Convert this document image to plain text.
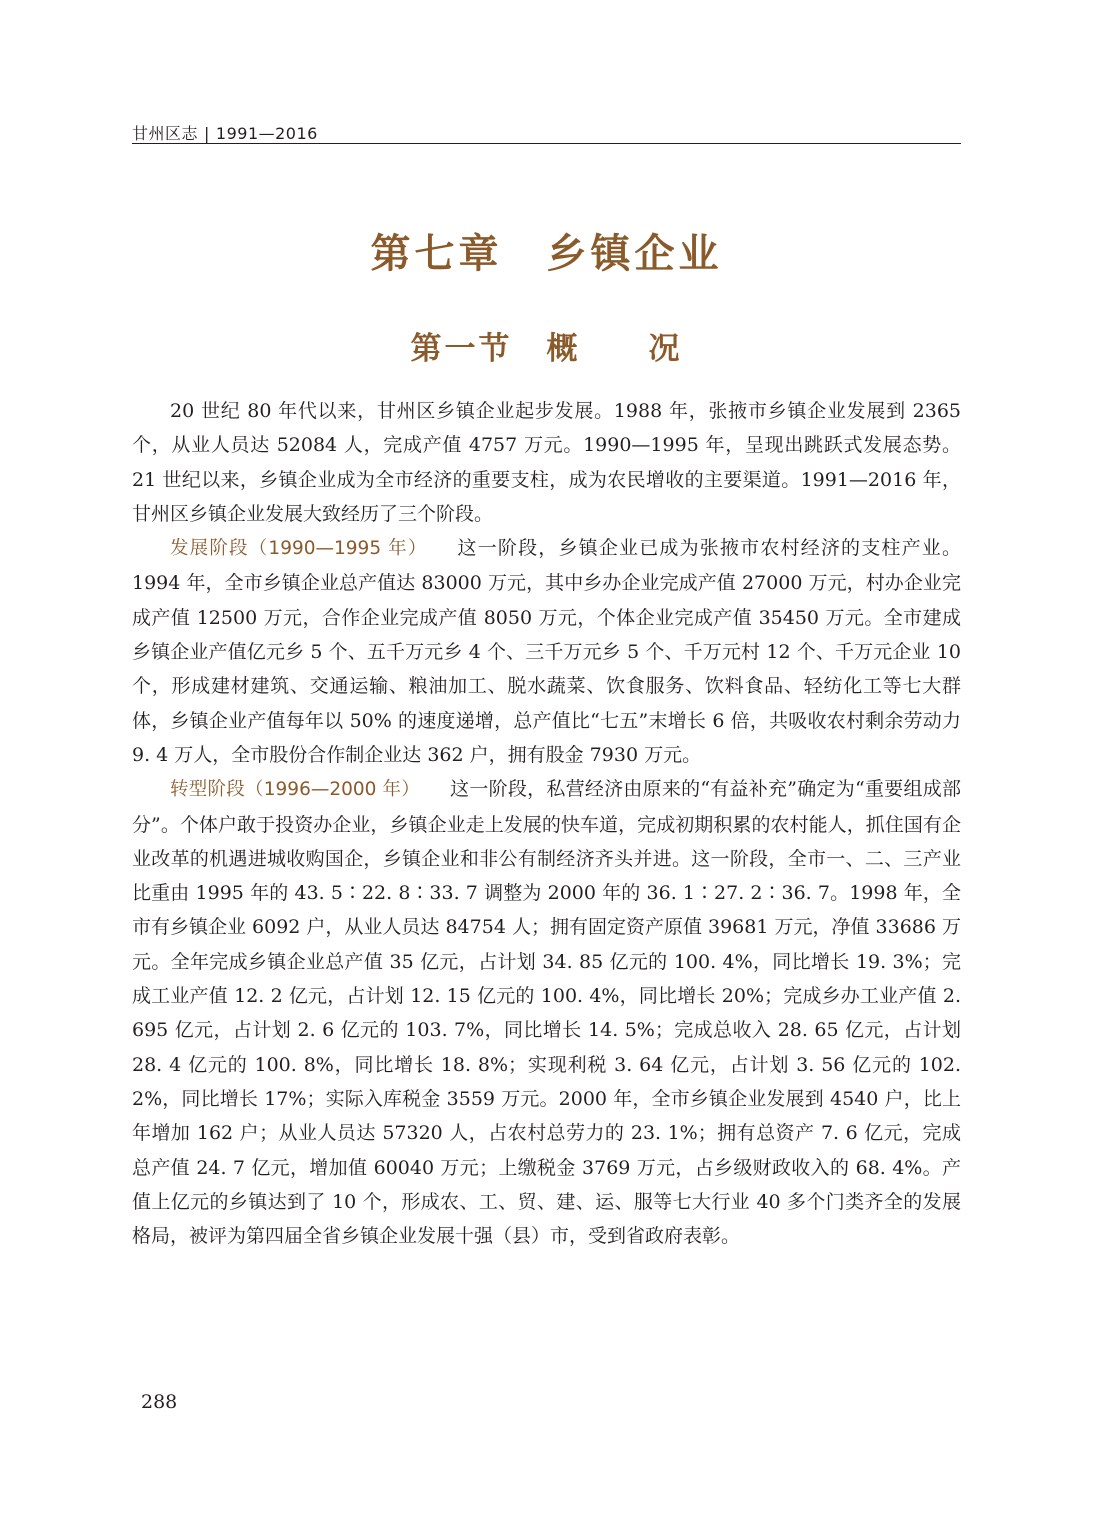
甘州区志 | 1991—2016
第七章　乡镇企业
第一节　概　　况

20 世纪 80 年代以来，甘州区乡镇企业起步发展。1988 年，张掖市乡镇企业发展到 2365 个，从业人员达 52084 人，完成产值 4757 万元。1990—1995 年，呈现出跳跃式发展态势。21 世纪以来，乡镇企业成为全市经济的重要支柱，成为农民增收的主要渠道。1991—2016 年，甘州区乡镇企业发展大致经历了三个阶段。

发展阶段（1990—1995 年） 这一阶段，乡镇企业已成为张掖市农村经济的支柱产业。1994 年，全市乡镇企业总产值达 83000 万元，其中乡办企业完成产值 27000 万元，村办企业完成产值 12500 万元，合作企业完成产值 8050 万元，个体企业完成产值 35450 万元。全市建成乡镇企业产值亿元乡 5 个、五千万元乡 4 个、三千万元乡 5 个、千万元村 12 个、千万元企业 10 个，形成建材建筑、交通运输、粮油加工、脱水蔬菜、饮食服务、饮料食品、轻纺化工等七大群体，乡镇企业产值每年以 50% 的速度递增，总产值比“七五”末增长 6 倍，共吸收农村剩余劳动力 9. 4 万人，全市股份合作制企业达 362 户，拥有股金 7930 万元。

转型阶段（1996—2000 年） 这一阶段，私营经济由原来的“有益补充”确定为“重要组成部分”。个体户敢于投资办企业，乡镇企业走上发展的快车道，完成初期积累的农村能人，抓住国有企业改革的机遇进城收购国企，乡镇企业和非公有制经济齐头并进。这一阶段，全市一、二、三产业比重由 1995 年的 43. 5∶22. 8∶33. 7 调整为 2000 年的 36. 1∶27. 2∶36. 7。1998 年，全市有乡镇企业 6092 户，从业人员达 84754 人；拥有固定资产原值 39681 万元，净值 33686 万元。全年完成乡镇企业总产值 35 亿元，占计划 34. 85 亿元的 100. 4%，同比增长 19. 3%；完成工业产值 12. 2 亿元，占计划 12. 15 亿元的 100. 4%，同比增长 20%；完成乡办工业产值 2. 695 亿元，占计划 2. 6 亿元的 103. 7%，同比增长 14. 5%；完成总收入 28. 65 亿元，占计划 28. 4 亿元的 100. 8%，同比增长 18. 8%；实现利税 3. 64 亿元，占计划 3. 56 亿元的 102. 2%，同比增长 17%；实际入库税金 3559 万元。2000 年，全市乡镇企业发展到 4540 户，比上年增加 162 户；从业人员达 57320 人，占农村总劳力的 23. 1%；拥有总资产 7. 6 亿元，完成总产值 24. 7 亿元，增加值 60040 万元；上缴税金 3769 万元，占乡级财政收入的 68. 4%。产值上亿元的乡镇达到了 10 个，形成农、工、贸、建、运、服等七大行业 40 多个门类齐全的发展格局，被评为第四届全省乡镇企业发展十强（县）市，受到省政府表彰。

288
